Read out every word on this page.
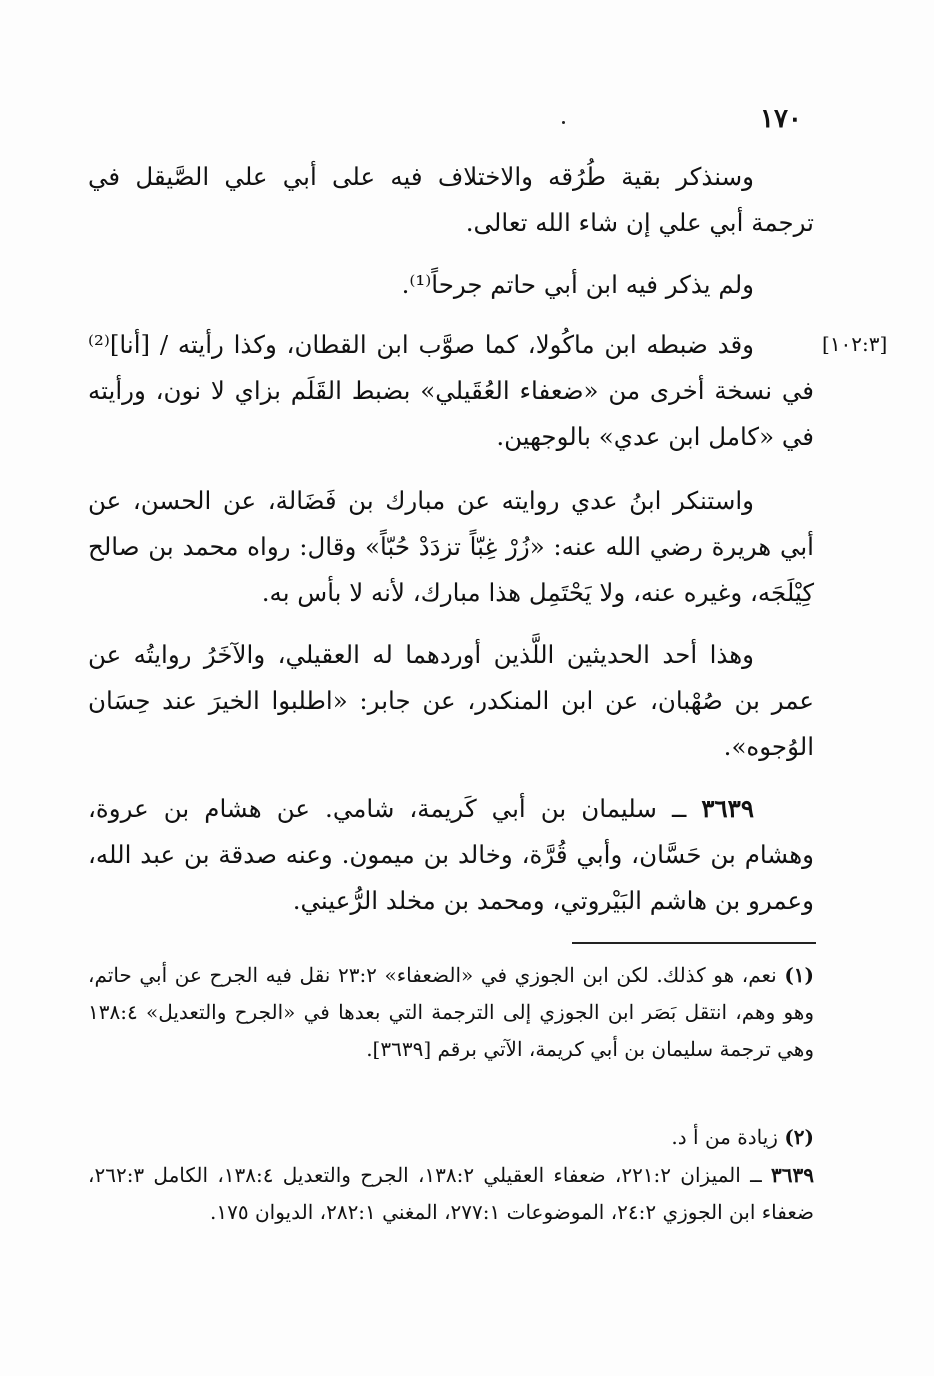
١٧٠
وسنذكر بقية طُرُقه والاختلاف فيه على أبي علي الصَّيقل في ترجمة أبي علي إن شاء الله تعالى.
ولم يذكر فيه ابن أبي حاتم جرحاً⁽¹⁾.
[١٠٢:٣]
وقد ضبطه ابن ماكُولا، كما صوَّب ابن القطان، وكذا رأيته / [أنا]⁽²⁾ في نسخة أخرى من «ضعفاء العُقَيلي» بضبط القَلَم بزاي لا نون، ورأيته في «كامل ابن عدي» بالوجهين.
واستنكر ابنُ عدي روايته عن مبارك بن فَضَالة، عن الحسن، عن أبي هريرة رضي الله عنه: «زُرْ غِبّاً تزدَدْ حُبّاً» وقال: رواه محمد بن صالح كِيْلَجَه، وغيره عنه، ولا يَحْتَمِل هذا مبارك، لأنه لا بأس به.
وهذا أحد الحديثين اللَّذين أوردهما له العقيلي، والآخَرُ روايتُه عن عمر بن صُهْبان، عن ابن المنكدر، عن جابر: «اطلبوا الخيرَ عند حِسَان الوُجوه».
٣٦٣٩ ــ سليمان بن أبي كَريمة، شامي. عن هشام بن عروة، وهشام بن حَسَّان، وأبي قُرَّة، وخالد بن ميمون. وعنه صدقة بن عبد الله، وعمرو بن هاشم البَيْروتي، ومحمد بن مخلد الرُّعيني.
(١) نعم، هو كذلك. لكن ابن الجوزي في «الضعفاء» ٢٣:٢ نقل فيه الجرح عن أبي حاتم، وهو وهم، انتقل بَصَر ابن الجوزي إلى الترجمة التي بعدها في «الجرح والتعديل» ١٣٨:٤ وهي ترجمة سليمان بن أبي كريمة، الآتي برقم [٣٦٣٩].
(٢) زيادة من أ د.
٣٦٣٩ ــ الميزان ٢٢١:٢، ضعفاء العقيلي ١٣٨:٢، الجرح والتعديل ١٣٨:٤، الكامل ٢٦٢:٣، ضعفاء ابن الجوزي ٢٤:٢، الموضوعات ٢٧٧:١، المغني ٢٨٢:١، الديوان ١٧٥.
